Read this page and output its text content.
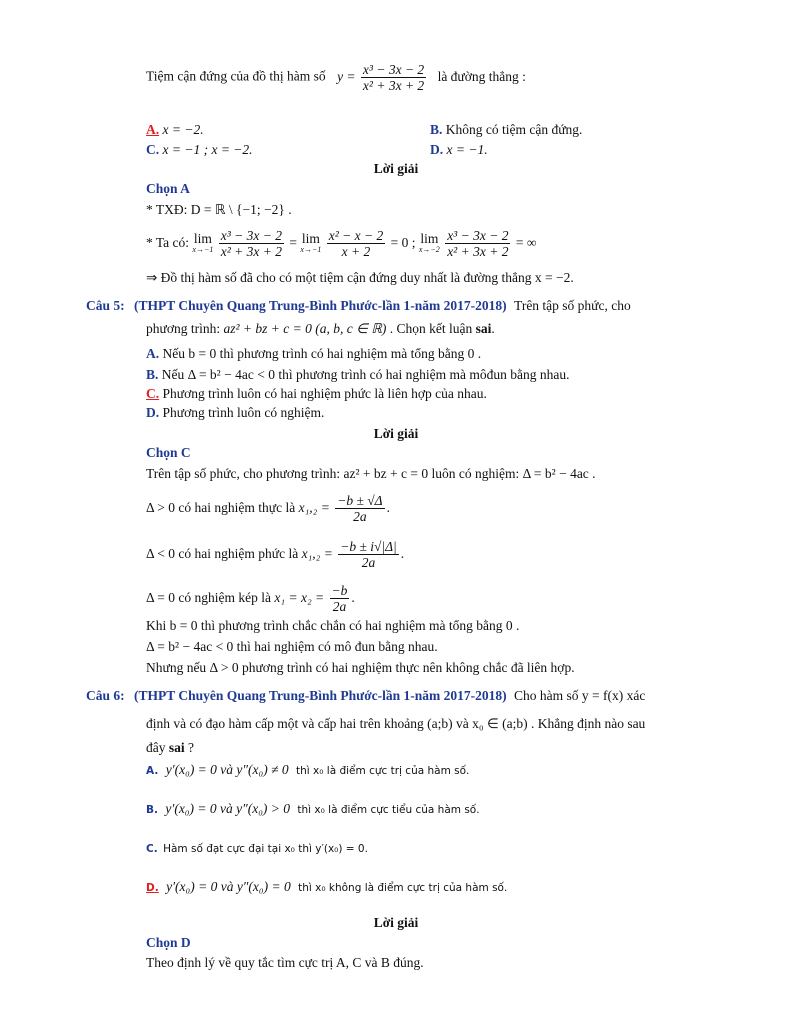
Tiệm cận đứng của đồ thị hàm số $y = \frac{\text{x³ − 3x − 2}}{\text{x² + 3x + 2}}$ là đường thẳng :
A. x = −2.	B. Không có tiệm cận đứng.
C. x = −1 ; x = −2.	D. x = −1.
Lời giải
Chọn A
* TXĐ: D = ℝ \ {−1; −2} .
* Ta có: lim
x→−1
$\frac{\text{x³ − 3x − 2}}{\text{x² + 3x + 2}} = \lim$
x→−1
$\frac{\text{x² − x − 2}}{x + 2} = 0$ ; lim
x→−2
$\frac{\text{x³ − 3x − 2}}{\text{x² + 3x + 2}}$ = ∞
⇒ Đồ thị hàm số đã cho có một tiệm cận đứng duy nhất là đường thẳng x = −2.
Câu 5: (THPT Chuyên Quang Trung-Bình Phước-lần 1-năm 2017-2018) Trên tập số phức, cho
phương trình: az² + bz + c = 0 (a, b, c ∈ ℝ) . Chọn kết luận sai.
A. Nếu b = 0 thì phương trình có hai nghiệm mà tổng bằng 0 .
B. Nếu Δ = b² − 4ac < 0 thì phương trình có hai nghiệm mà môđun bằng nhau.
C. Phương trình luôn có hai nghiệm phức là liên hợp của nhau.
D. Phương trình luôn có nghiệm.
Lời giải
Chọn C
Trên tập số phức, cho phương trình: az² + bz + c = 0 luôn có nghiệm: Δ = b² − 4ac .
Δ > 0 có hai nghiệm thực là $x_1,_2 = \frac{-b \pm √\Delta}{2a}$ .
Δ < 0 có hai nghiệm phức là $x_1,_2 = \frac{-b \pm i√|\Delta|}{2a}$ .
Δ = 0 có nghiệm kép là $x_1 = x_2 = \frac{-b}{2a}$ .
Khi b = 0 thì phương trình chắc chắn có hai nghiệm mà tổng bằng 0 .
Δ = b² − 4ac < 0 thì hai nghiệm có mô đun bằng nhau.
Nhưng nếu Δ > 0 phương trình có hai nghiệm thực nên không chắc đã liên hợp.
Câu 6: (THPT Chuyên Quang Trung-Bình Phước-lần 1-năm 2017-2018) Cho hàm số y = f(x) xác
định và có đạo hàm cấp một và cấp hai trên khoảng (a;b) và x₀ ∈ (a;b) . Khẳng định nào sau
đây sai ?
A. y′(x₀) = 0 và y″(x₀) ≠ 0 thì x₀ là điểm cực trị của hàm số.
B. y′(x₀) = 0 và y″(x₀) > 0 thì x₀ là điểm cực tiểu của hàm số.
C. Hàm số đạt cực đại tại x₀ thì y′(x₀) = 0.
D. y′(x₀) = 0 và y″(x₀) = 0 thì x₀ không là điểm cực trị của hàm số.
Lời giải
Chọn D
Theo định lý về quy tắc tìm cực trị A, C và B đúng.
